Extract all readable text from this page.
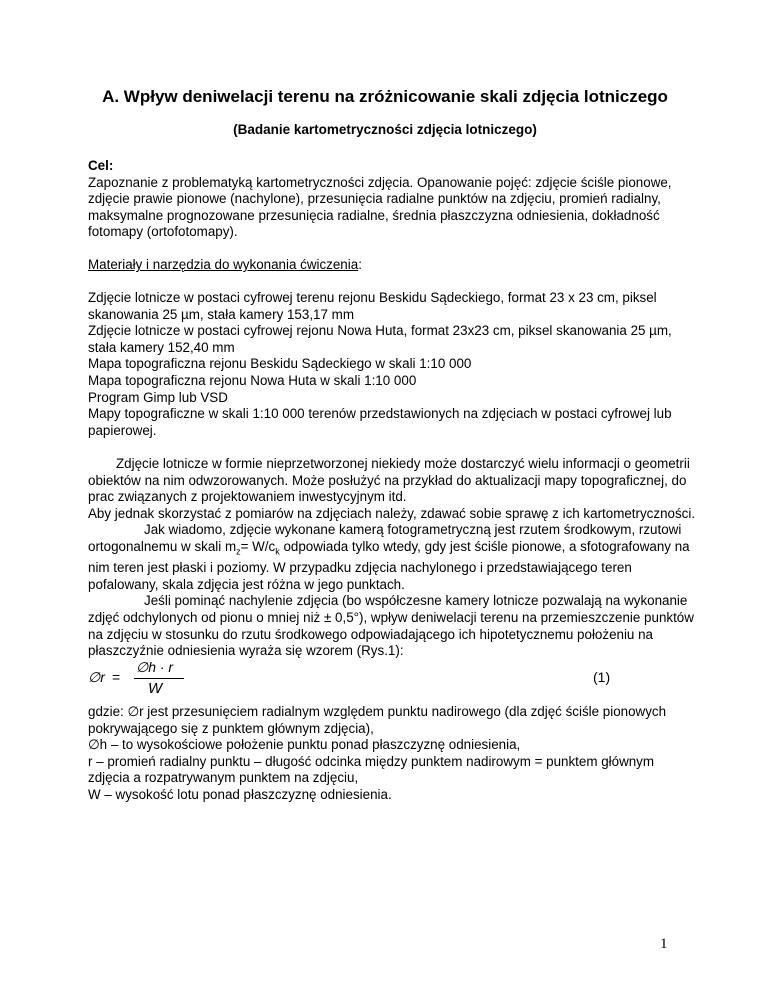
A. Wpływ deniwelacji terenu na zróżnicowanie skali zdjęcia lotniczego
(Badanie kartometryczności zdjęcia lotniczego)

Cel:

Zapoznanie z problematyką kartometryczności zdjęcia. Opanowanie pojęć: zdjęcie ściśle pionowe, zdjęcie prawie pionowe (nachylone), przesunięcia radialne punktów na zdjęciu, promień radialny, maksymalne prognozowane przesunięcia radialne, średnia płaszczyzna odniesienia, dokładność fotomapy (ortofotomapy).

Materiały i narzędzia do wykonania ćwiczenia:

Zdjęcie lotnicze w postaci cyfrowej terenu rejonu Beskidu Sądeckiego, format 23 x 23 cm, piksel skanowania 25 µm, stała kamery 153,17 mm

Zdjęcie lotnicze w postaci cyfrowej rejonu Nowa Huta, format 23x23 cm, piksel skanowania 25 µm, stała kamery 152,40 mm

Mapa topograficzna rejonu Beskidu Sądeckiego w skali 1:10 000

Mapa topograficzna rejonu Nowa Huta w skali 1:10 000

Program Gimp lub VSD

Mapy topograficzne w skali 1:10 000 terenów przedstawionych na zdjęciach w postaci cyfrowej lub papierowej.

Zdjęcie lotnicze w formie nieprzetworzonej niekiedy może dostarczyć wielu informacji o geometrii obiektów na nim odwzorowanych. Może posłużyć na przykład do aktualizacji mapy topograficznej, do prac związanych z projektowaniem inwestycyjnym itd.

Aby jednak skorzystać z pomiarów na zdjęciach należy, zdawać sobie sprawę z ich kartometryczności.

Jak wiadomo, zdjęcie wykonane kamerą fotogrametryczną jest rzutem środkowym, rzutowi ortogonalnemu w skali $m_z= W/c_k$ odpowiada tylko wtedy, gdy jest ściśle pionowe, a sfotografowany na nim teren jest płaski i poziomy. W przypadku zdjęcia nachylonego i przedstawiającego teren pofalowany, skala zdjęcia jest różna w jego punktach.

Jeśli pominąć nachylenie zdjęcia (bo współczesne kamery lotnicze pozwalają na wykonanie zdjęć odchylonych od pionu o mniej niż ± 0,5°), wpływ deniwelacji terenu na przemieszczenie punktów na zdjęciu w stosunku do rzutu środkowego odpowiadającego ich hipotetycznemu położeniu na płaszczyźnie odniesienia wyraża się wzorem (Rys.1):

∅r =
∅h · r
W
(1)

gdzie: ∅r jest przesunięciem radialnym względem punktu nadirowego (dla zdjęć ściśle pionowych pokrywającego się z punktem głównym zdjęcia),

∅h – to wysokościowe położenie punktu ponad płaszczyznę odniesienia,

r – promień radialny punktu – długość odcinka między punktem nadirowym = punktem głównym zdjęcia a rozpatrywanym punktem na zdjęciu,

W – wysokość lotu ponad płaszczyznę odniesienia.

1
